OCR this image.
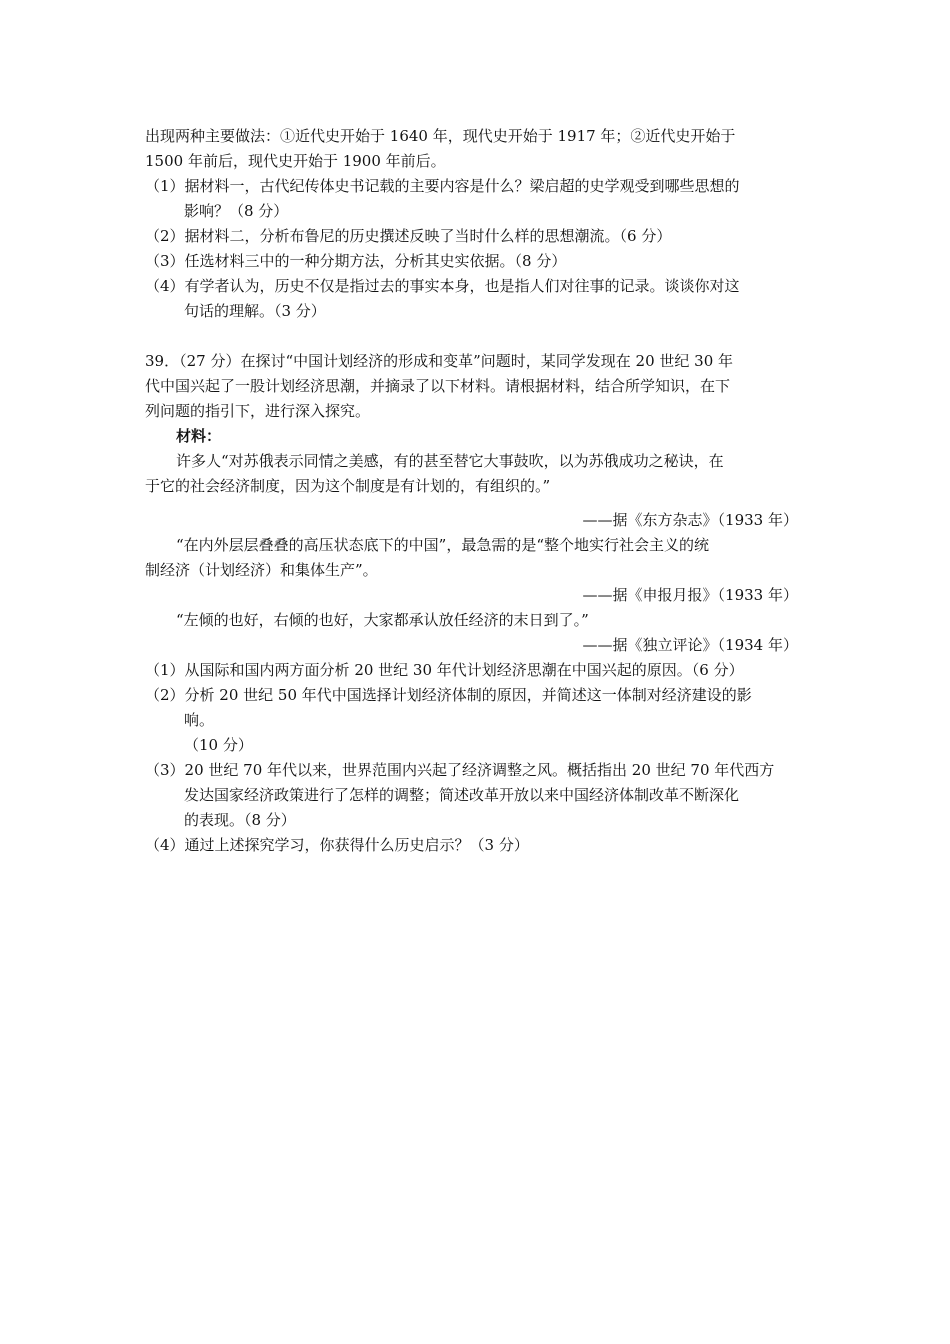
出现两种主要做法：①近代史开始于 1640 年，现代史开始于 1917 年；②近代史开始于
1500 年前后，现代史开始于 1900 年前后。
（1）据材料一，古代纪传体史书记载的主要内容是什么？梁启超的史学观受到哪些思想的
影响？（8 分）
（2）据材料二，分析布鲁尼的历史撰述反映了当时什么样的思想潮流。（6 分）
（3）任选材料三中的一种分期方法，分析其史实依据。（8 分）
（4）有学者认为，历史不仅是指过去的事实本身，也是指人们对往事的记录。谈谈你对这
句话的理解。（3 分）
39．（27 分）在探讨“中国计划经济的形成和变革”问题时，某同学发现在 20 世纪 30 年
代中国兴起了一股计划经济思潮，并摘录了以下材料。请根据材料，结合所学知识，在下
列问题的指引下，进行深入探究。
材料：
许多人“对苏俄表示同情之美感，有的甚至替它大事鼓吹，以为苏俄成功之秘诀，在
于它的社会经济制度，因为这个制度是有计划的，有组织的。”
——据《东方杂志》（1933 年）
“在内外层层叠叠的高压状态底下的中国”，最急需的是“整个地实行社会主义的统
制经济（计划经济）和集体生产”。
——据《申报月报》（1933 年）
“左倾的也好，右倾的也好，大家都承认放任经济的末日到了。”
——据《独立评论》（1934 年）
（1）从国际和国内两方面分析 20 世纪 30 年代计划经济思潮在中国兴起的原因。（6 分）
（2）分析 20 世纪 50 年代中国选择计划经济体制的原因，并简述这一体制对经济建设的影
响。
（10 分）
（3）20 世纪 70 年代以来，世界范围内兴起了经济调整之风。概括指出 20 世纪 70 年代西方
发达国家经济政策进行了怎样的调整；简述改革开放以来中国经济体制改革不断深化
的表现。（8 分）
（4）通过上述探究学习，你获得什么历史启示？（3 分）
